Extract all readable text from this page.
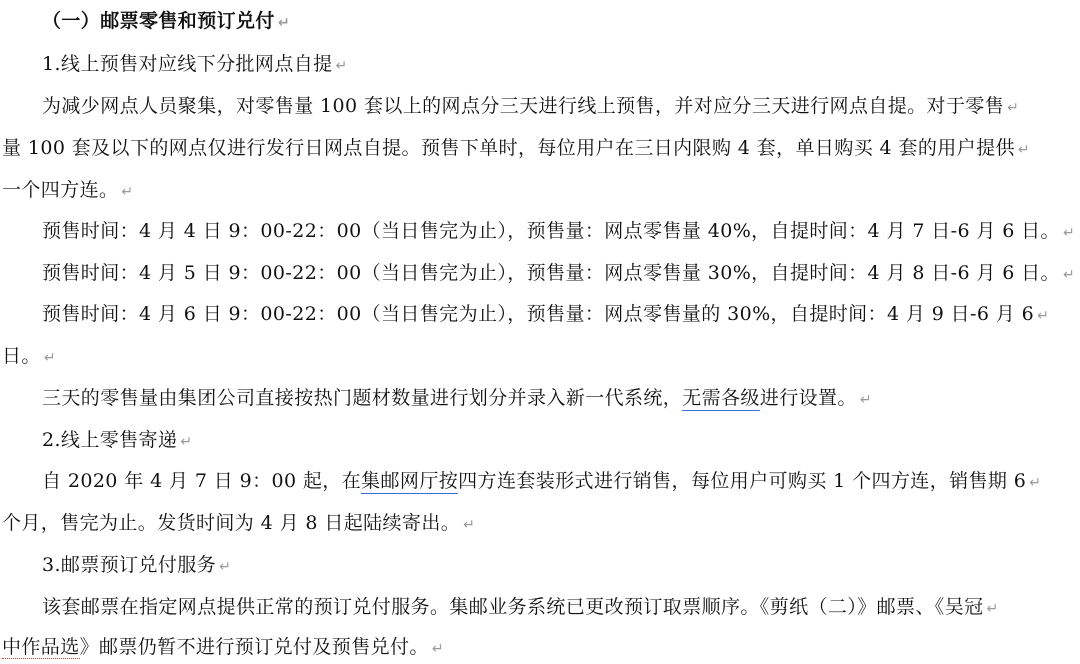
（一）邮票零售和预订兑付 ↵
1.线上预售对应线下分批网点自提 ↵
为减少网点人员聚集，对零售量 100 套以上的网点分三天进行线上预售，并对应分三天进行网点自提。对于零售 ↵
量 100 套及以下的网点仅进行发行日网点自提。预售下单时，每位用户在三日内限购 4 套，单日购买 4 套的用户提供 ↵
一个四方连。 ↵
预售时间：4 月 4 日 9：00-22：00（当日售完为止），预售量：网点零售量 40%，自提时间：4 月 7 日-6 月 6 日。 ↵
预售时间：4 月 5 日 9：00-22：00（当日售完为止），预售量：网点零售量 30%，自提时间：4 月 8 日-6 月 6 日。 ↵
预售时间：4 月 6 日 9：00-22：00（当日售完为止），预售量：网点零售量的 30%，自提时间：4 月 9 日-6 月 6 ↵
日。 ↵
三天的零售量由集团公司直接按热门题材数量进行划分并录入新一代系统，无需各级进行设置。 ↵
2.线上零售寄递 ↵
自 2020 年 4 月 7 日 9：00 起，在集邮网厅按四方连套装形式进行销售，每位用户可购买 1 个四方连，销售期 6 ↵
个月，售完为止。发货时间为 4 月 8 日起陆续寄出。 ↵
3.邮票预订兑付服务 ↵
该套邮票在指定网点提供正常的预订兑付服务。集邮业务系统已更改预订取票顺序。《剪纸（二）》邮票、《吴冠 ↵
中作品选》邮票仍暂不进行预订兑付及预售兑付。 ↵
